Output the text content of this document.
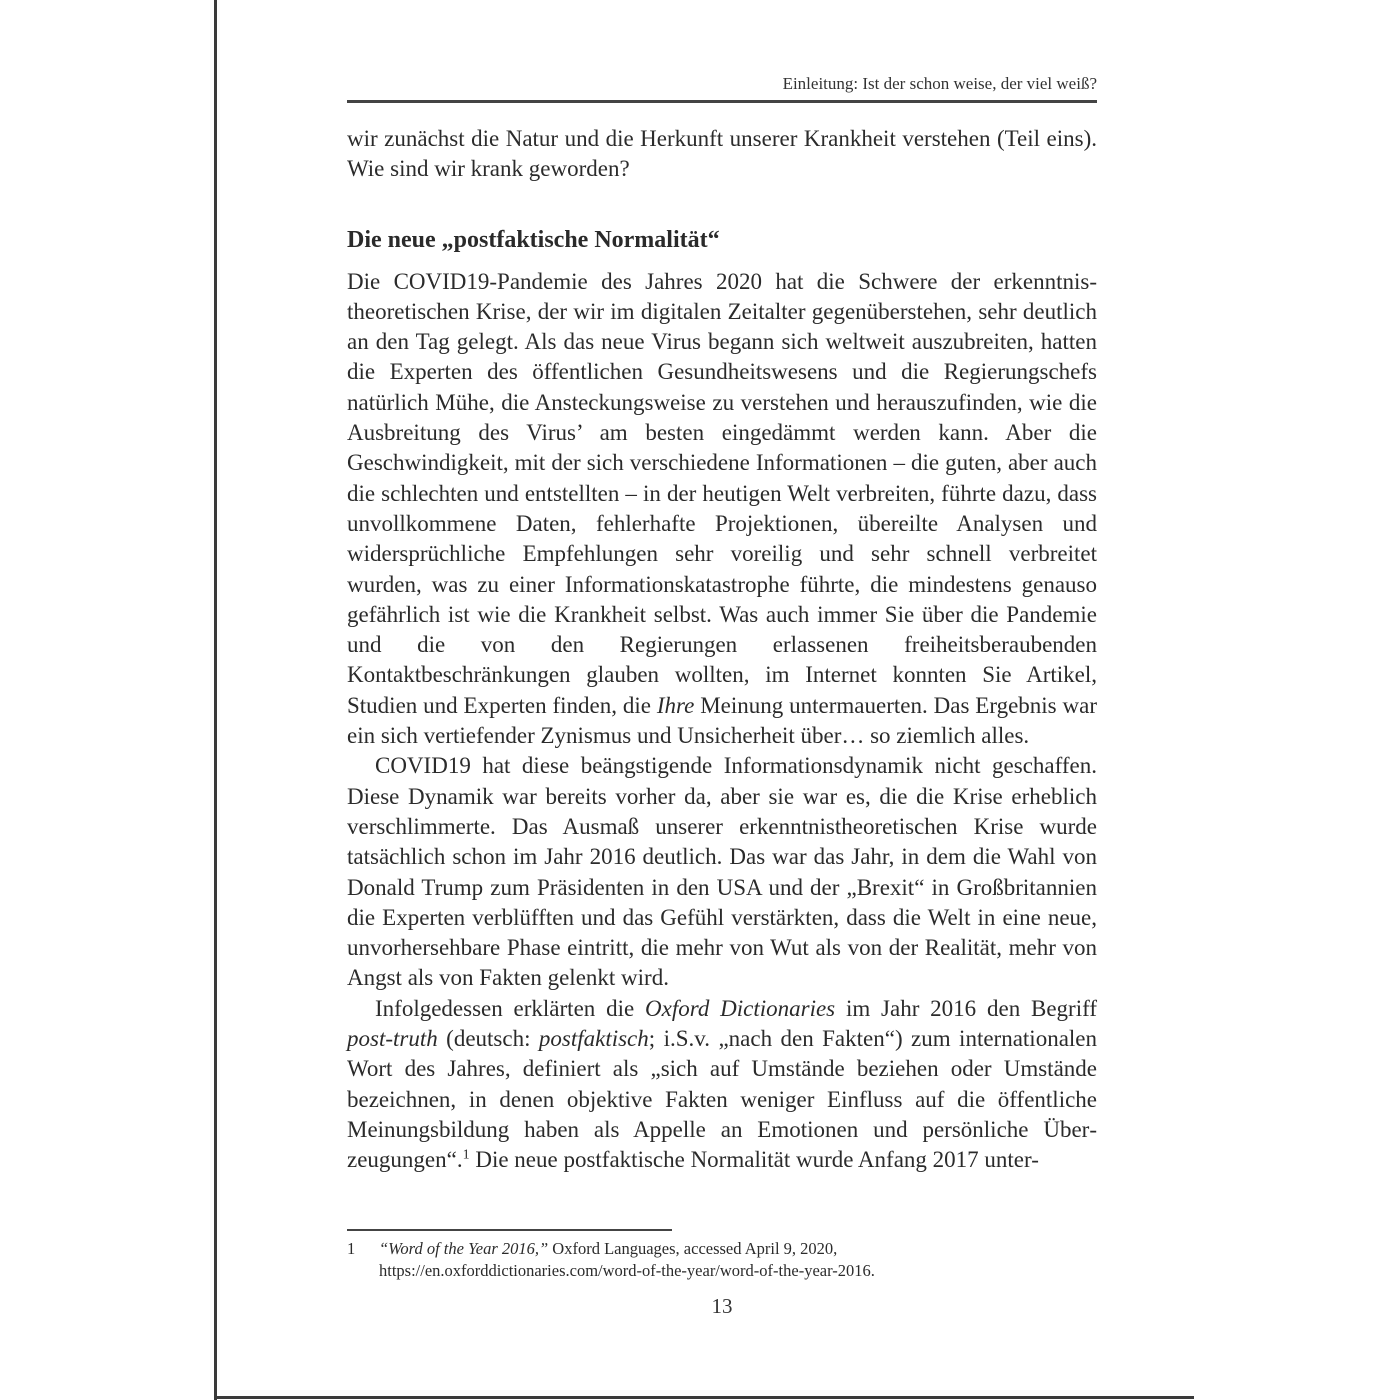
Einleitung: Ist der schon weise, der viel weiß?

wir zunächst die Natur und die Herkunft unserer Krankheit verstehen (Teil eins). Wie sind wir krank geworden?

Die neue „postfaktische Normalität“

Die COVID19-Pandemie des Jahres 2020 hat die Schwere der erkenntnistheoretischen Krise, der wir im digitalen Zeitalter gegenüberstehen, sehr deutlich an den Tag gelegt. Als das neue Virus begann sich weltweit auszubreiten, hatten die Experten des öffentlichen Gesundheitswesens und die Regierungschefs natürlich Mühe, die Ansteckungsweise zu verstehen und herauszufinden, wie die Ausbreitung des Virus’ am besten eingedämmt werden kann. Aber die Geschwindigkeit, mit der sich verschiedene Informationen – die guten, aber auch die schlechten und entstellten – in der heutigen Welt verbreiten, führte dazu, dass unvollkommene Daten, fehlerhafte Projektionen, übereilte Analysen und widersprüchliche Empfehlungen sehr voreilig und sehr schnell verbreitet wurden, was zu einer Informationskatastrophe führte, die mindestens genauso gefährlich ist wie die Krankheit selbst. Was auch immer Sie über die Pandemie und die von den Regierungen erlassenen freiheitsberaubenden Kontaktbeschränkungen glauben wollten, im Internet konnten Sie Artikel, Studien und Experten finden, die Ihre Meinung untermauerten. Das Ergebnis war ein sich vertiefender Zynismus und Unsicherheit über… so ziemlich alles.

COVID19 hat diese beängstigende Informationsdynamik nicht geschaffen. Diese Dynamik war bereits vorher da, aber sie war es, die die Krise erheblich verschlimmerte. Das Ausmaß unserer erkenntnistheoretischen Krise wurde tatsächlich schon im Jahr 2016 deutlich. Das war das Jahr, in dem die Wahl von Donald Trump zum Präsidenten in den USA und der „Brexit“ in Großbritannien die Experten verblüfften und das Gefühl verstärkten, dass die Welt in eine neue, unvorhersehbare Phase eintritt, die mehr von Wut als von der Realität, mehr von Angst als von Fakten gelenkt wird.

Infolgedessen erklärten die Oxford Dictionaries im Jahr 2016 den Begriff post-truth (deutsch: postfaktisch; i.S.v. „nach den Fakten“) zum internationalen Wort des Jahres, definiert als „sich auf Umstände beziehen oder Umstände bezeichnen, in denen objektive Fakten weniger Einfluss auf die öffentliche Meinungsbildung haben als Appelle an Emotionen und persönliche Überzeugungen“.$^1$ Die neue postfaktische Normalität wurde Anfang 2017 unter-

1 “Word of the Year 2016,” Oxford Languages, accessed April 9, 2020,
https://en.oxforddictionaries.com/word-of-the-year/word-of-the-year-2016.
13
